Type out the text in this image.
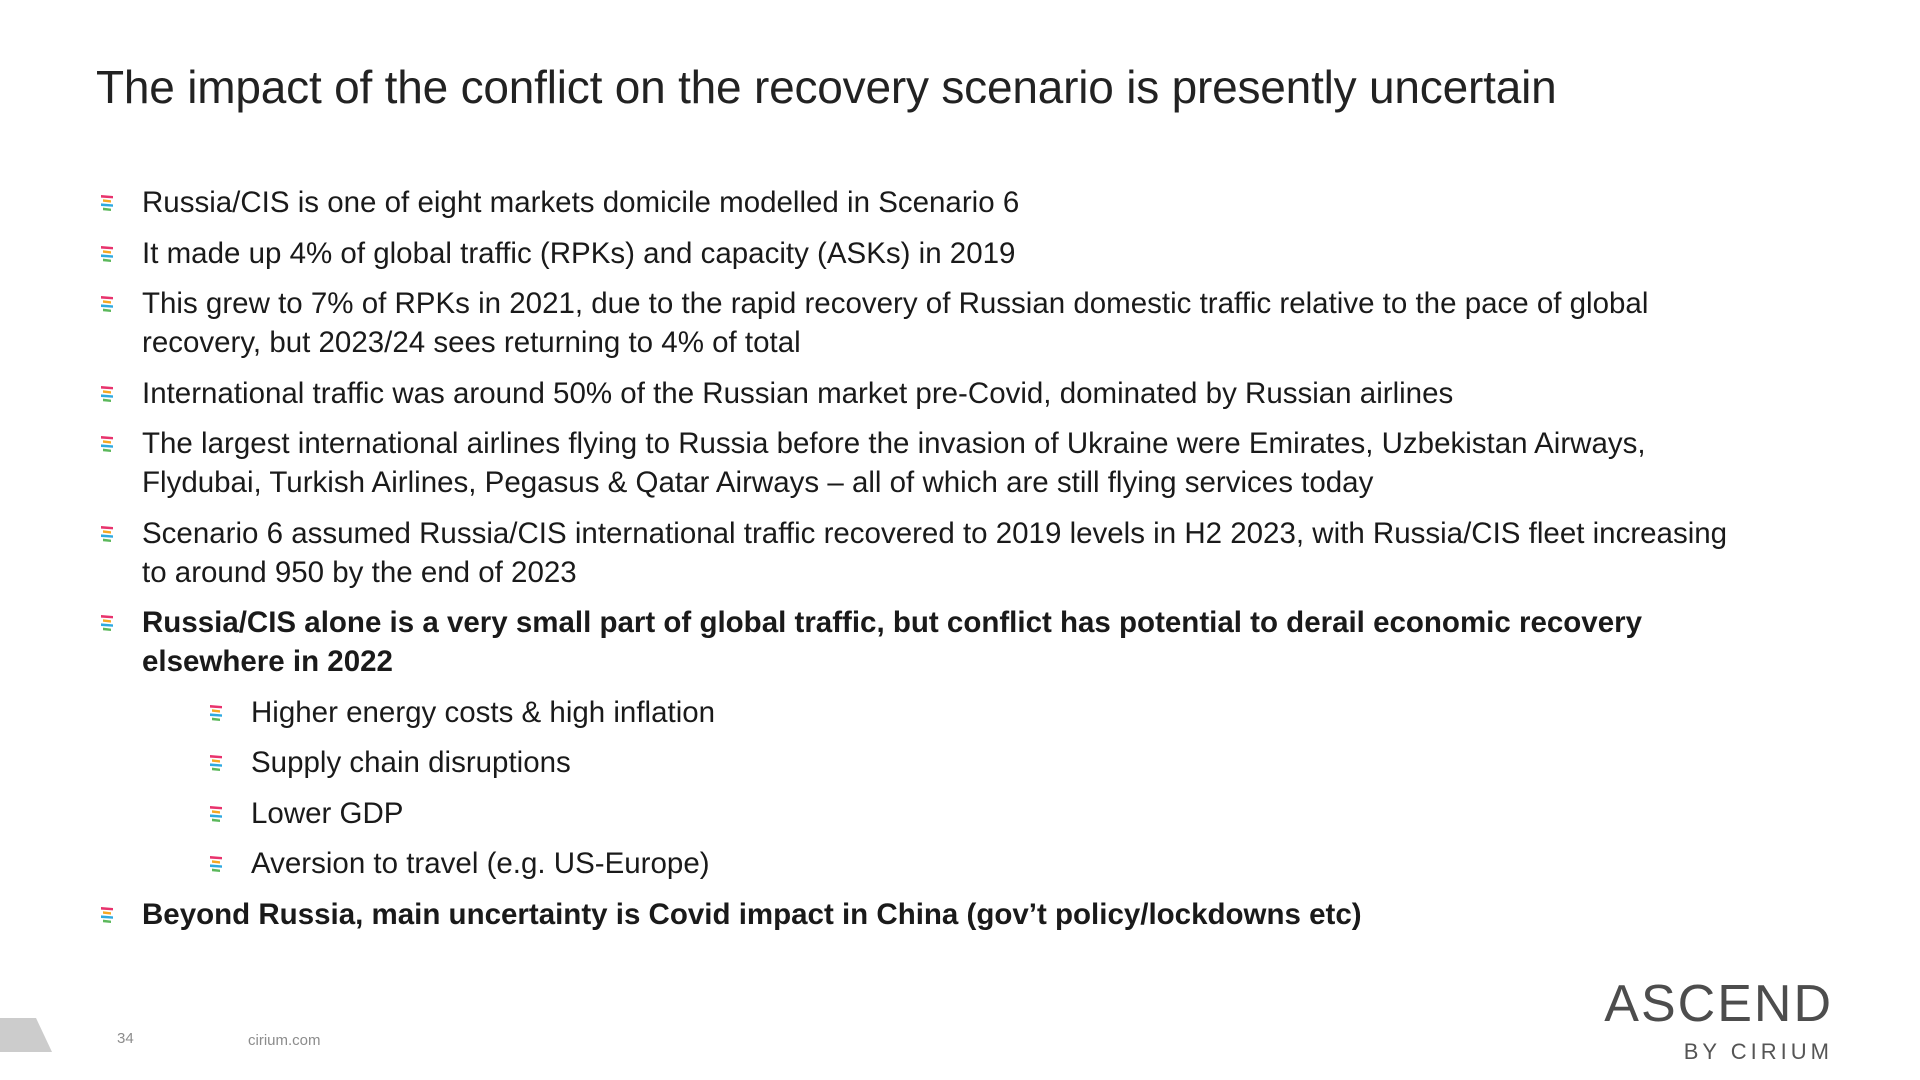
The impact of the conflict on the recovery scenario is presently uncertain
Russia/CIS is one of eight markets domicile modelled in Scenario 6
It made up 4% of global traffic (RPKs) and capacity (ASKs) in 2019
This grew to 7% of RPKs in 2021, due to the rapid recovery of Russian domestic traffic relative to the pace of global recovery, but 2023/24 sees returning to 4% of total
International traffic was around 50% of the Russian market pre-Covid, dominated by Russian airlines
The largest international airlines flying to Russia before the invasion of Ukraine were Emirates, Uzbekistan Airways, Flydubai, Turkish Airlines, Pegasus & Qatar Airways – all of which are still flying services today
Scenario 6 assumed Russia/CIS international traffic recovered to 2019 levels in H2 2023, with Russia/CIS fleet increasing to around 950 by the end of 2023
Russia/CIS alone is a very small part of global traffic, but conflict has potential to derail economic recovery elsewhere in 2022
Higher energy costs & high inflation
Supply chain disruptions
Lower GDP
Aversion to travel (e.g. US-Europe)
Beyond Russia, main uncertainty is Covid impact in China (gov’t policy/lockdowns etc)
34	cirium.com
ASCEND
BY CIRIUM
